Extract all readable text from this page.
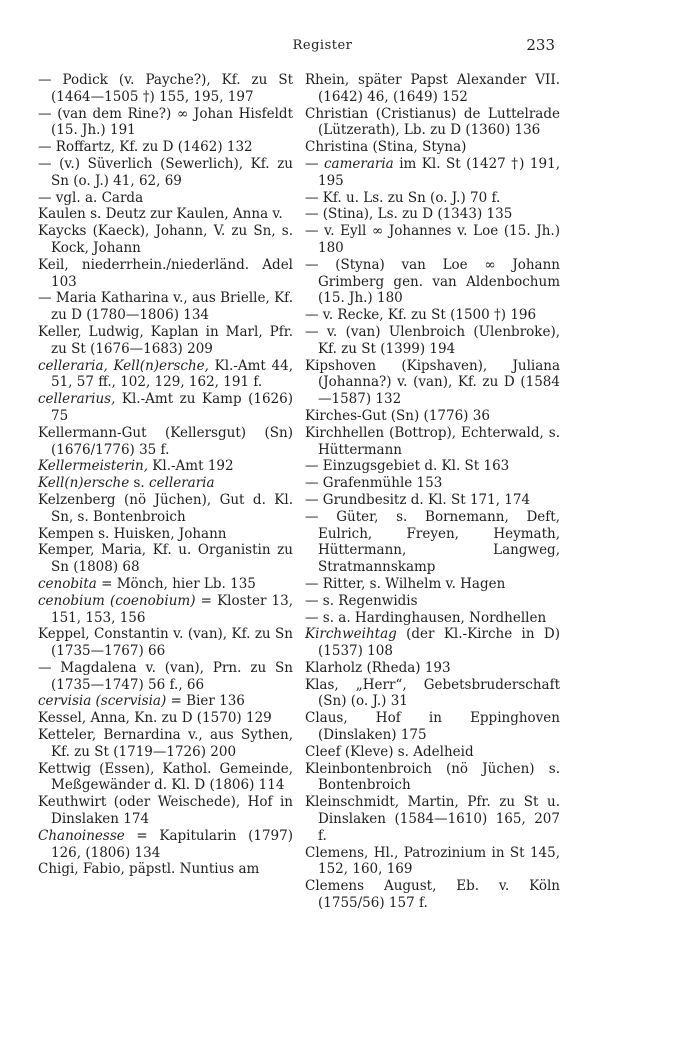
Register	233
— Podick (v. Payche?), Kf. zu St (1464—1505 †) 155, 195, 197
— (van dem Rine?) ∞ Johan Hisfeldt (15. Jh.) 191
— Roffartz, Kf. zu D (1462) 132
— (v.) Süverlich (Sewerlich), Kf. zu Sn (o. J.) 41, 62, 69
— vgl. a. Carda
Kaulen s. Deutz zur Kaulen, Anna v.
Kaycks (Kaeck), Johann, V. zu Sn, s. Kock, Johann
Keil, niederrhein./niederländ. Adel 103
— Maria Katharina v., aus Brielle, Kf. zu D (1780—1806) 134
Keller, Ludwig, Kaplan in Marl, Pfr. zu St (1676—1683) 209
celleraria, Kell(n)ersche, Kl.-Amt 44, 51, 57 ff., 102, 129, 162, 191 f.
cellerarius, Kl.-Amt zu Kamp (1626) 75
Kellermann-Gut (Kellersgut) (Sn) (1676/1776) 35 f.
Kellermeisterin, Kl.-Amt 192
Kell(n)ersche s. celleraria
Kelzenberg (nö Jüchen), Gut d. Kl. Sn, s. Bontenbroich
Kempen s. Huisken, Johann
Kemper, Maria, Kf. u. Organistin zu Sn (1808) 68
cenobita = Mönch, hier Lb. 135
cenobium (coenobium) = Kloster 13, 151, 153, 156
Keppel, Constantin v. (van), Kf. zu Sn (1735—1767) 66
— Magdalena v. (van), Prn. zu Sn (1735—1747) 56 f., 66
cervisia (scervisia) = Bier 136
Kessel, Anna, Kn. zu D (1570) 129
Ketteler, Bernardina v., aus Sythen, Kf. zu St (1719—1726) 200
Kettwig (Essen), Kathol. Gemeinde, Meßgewänder d. Kl. D (1806) 114
Keuthwirt (oder Weischede), Hof in Dinslaken 174
Chanoinesse = Kapitularin (1797) 126, (1806) 134
Chigi, Fabio, päpstl. Nuntius am
Rhein, später Papst Alexander VII. (1642) 46, (1649) 152
Christian (Cristianus) de Luttelrade (Lützerath), Lb. zu D (1360) 136
Christina (Stina, Styna)
— cameraria im Kl. St (1427 †) 191, 195
— Kf. u. Ls. zu Sn (o. J.) 70 f.
— (Stina), Ls. zu D (1343) 135
— v. Eyll ∞ Johannes v. Loe (15. Jh.) 180
— (Styna) van Loe ∞ Johann Grimberg gen. van Aldenbochum (15. Jh.) 180
— v. Recke, Kf. zu St (1500 †) 196
— v. (van) Ulenbroich (Ulenbroke), Kf. zu St (1399) 194
Kipshoven (Kipshaven), Juliana (Johanna?) v. (van), Kf. zu D (1584—1587) 132
Kirches-Gut (Sn) (1776) 36
Kirchhellen (Bottrop), Echterwald, s. Hüttermann
— Einzugsgebiet d. Kl. St 163
— Grafenmühle 153
— Grundbesitz d. Kl. St 171, 174
— Güter, s. Bornemann, Deft, Eulrich, Freyen, Heymath, Hüttermann, Langweg, Stratmannskamp
— Ritter, s. Wilhelm v. Hagen
— s. Regenwidis
— s. a. Hardinghausen, Nordhellen
Kirchweihtag (der Kl.-Kirche in D) (1537) 108
Klarholz (Rheda) 193
Klas, „Herr“, Gebetsbruderschaft (Sn) (o. J.) 31
Claus, Hof in Eppinghoven (Dinslaken) 175
Cleef (Kleve) s. Adelheid
Kleinbontenbroich (nö Jüchen) s. Bontenbroich
Kleinschmidt, Martin, Pfr. zu St u. Dinslaken (1584—1610) 165, 207 f.
Clemens, Hl., Patrozinium in St 145, 152, 160, 169
Clemens August, Eb. v. Köln (1755/56) 157 f.
